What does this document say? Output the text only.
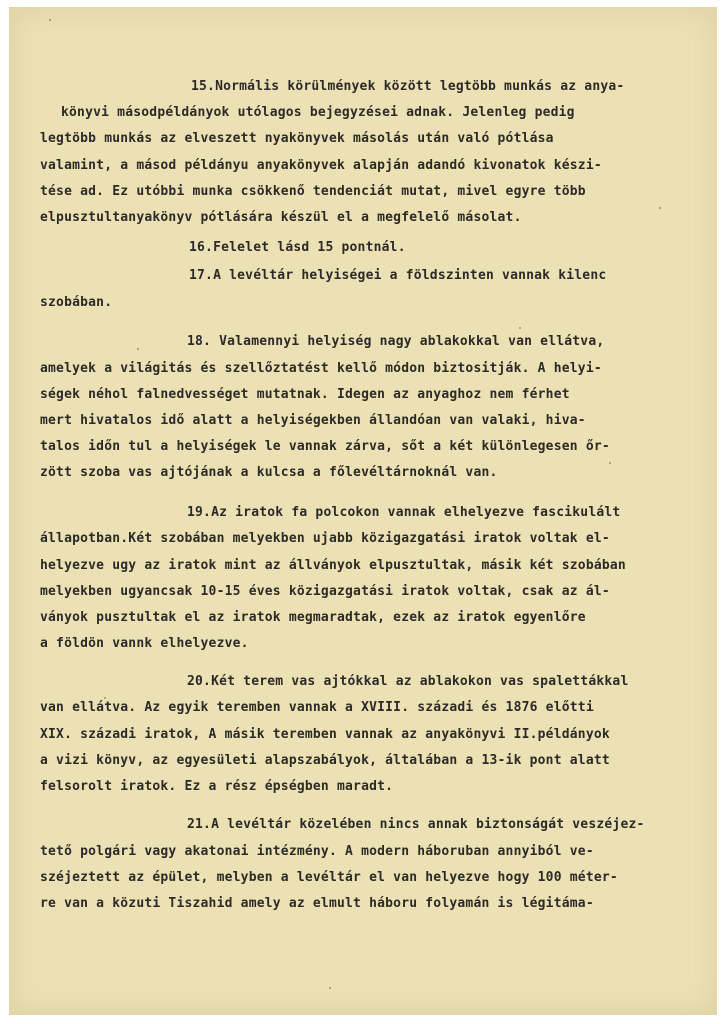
15.Normális körülmények között legtöbb munkás az anya-
könyvi másodpéldányok utólagos bejegyzései adnak. Jelenleg pedig
legtöbb munkás az elveszett nyakönyvek másolás után való pótlása
valamint, a másod példányu anyakönyvek alapján adandó kivonatok készi-
tése ad. Ez utóbbi munka csökkenő tendenciát mutat, mivel egyre több
elpusztultanyakönyv pótlására készül el a megfelelő másolat.
16.Felelet lásd 15 pontnál.
17.A levéltár helyiségei a földszinten vannak kilenc
szobában.
18. Valamennyi helyiség nagy ablakokkal van ellátva,
amelyek a világitás és szellőztatést kellő módon biztositják. A helyi-
ségek néhol falnedvességet mutatnak. Idegen az anyaghoz nem férhet
mert hivatalos idő alatt a helyiségekben állandóan van valaki, hiva-
talos időn tul a helyiségek le vannak zárva, sőt a két különlegesen őr-
zött szoba vas ajtójának a kulcsa a főlevéltárnoknál van.
19.Az iratok fa polcokon vannak elhelyezve fascikulált
állapotban.Két szobában melyekben ujabb közigazgatási iratok voltak el-
helyezve ugy az iratok mint az állványok elpusztultak, másik két szobában
melyekben ugyancsak 10-15 éves közigazgatási iratok voltak, csak az ál-
ványok pusztultak el az iratok megmaradtak, ezek az iratok egyenlőre
a földön vannk elhelyezve.
20.Két terem vas ajtókkal az ablakokon vas spalettákkal
van ellátva. Az egyik teremben vannak a XVIII. századi és 1876 előtti
XIX. századi iratok, A másik teremben vannak az anyakönyvi II.példányok
a vizi könyv, az egyesületi alapszabályok, általában a 13-ik pont alatt
felsorolt iratok. Ez a rész épségben maradt.
21.A levéltár közelében nincs annak biztonságát veszéjez-
tető polgári vagy akatonai intézmény. A modern háboruban annyiból ve-
széjeztett az épület, melyben a levéltár el van helyezve hogy 100 méter-
re van a közuti Tiszahid amely az elmult háboru folyamán is légitáma-
